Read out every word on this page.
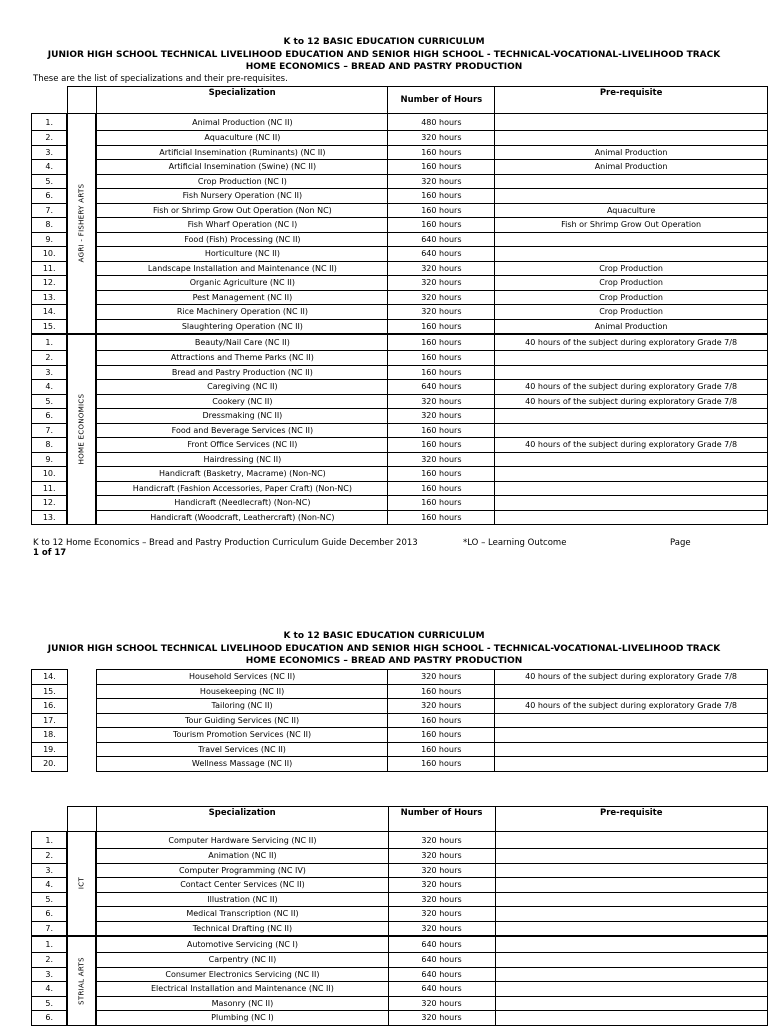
K to 12 BASIC EDUCATION CURRICULUM
JUNIOR HIGH SCHOOL TECHNICAL LIVELIHOOD EDUCATION AND SENIOR HIGH SCHOOL - TECHNICAL-VOCATIONAL-LIVELIHOOD TRACK
HOME ECONOMICS – BREAD AND PASTRY PRODUCTION
These are the list of specializations and their pre-requisites.
		Specialization	Number of Hours	Pre-requisite
1.	AGRI - FISHERY ARTS	Animal Production (NC II)	480 hours	
2.		Aquaculture (NC II)	320 hours	
3.		Artificial Insemination (Ruminants) (NC II)	160 hours	Animal Production
4.		Artificial Insemination (Swine) (NC II)	160 hours	Animal Production
5.		Crop Production (NC I)	320 hours	
6.		Fish Nursery Operation (NC II)	160 hours	
7.		Fish or Shrimp Grow Out Operation (Non NC)	160 hours	Aquaculture
8.		Fish Wharf Operation (NC I)	160 hours	Fish or Shrimp Grow Out Operation
9.		Food (Fish) Processing (NC II)	640 hours	
10.		Horticulture (NC II)	640 hours	
11.		Landscape Installation and Maintenance (NC II)	320 hours	Crop Production
12.		Organic Agriculture (NC II)	320 hours	Crop Production
13.		Pest Management (NC II)	320 hours	Crop Production
14.		Rice Machinery Operation (NC II)	320 hours	Crop Production
15.		Slaughtering Operation (NC II)	160 hours	Animal Production
1.	HOME ECONOMICS	Beauty/Nail Care (NC II)	160 hours	40 hours of the subject during exploratory Grade 7/8
2.		Attractions and Theme Parks (NC II)	160 hours	
3.		Bread and Pastry Production (NC II)	160 hours	
4.		Caregiving (NC II)	640 hours	40 hours of the subject during exploratory Grade 7/8
5.		Cookery (NC II)	320 hours	40 hours of the subject during exploratory Grade 7/8
6.		Dressmaking (NC II)	320 hours	
7.		Food and Beverage Services (NC II)	160 hours	
8.		Front Office Services (NC II)	160 hours	40 hours of the subject during exploratory Grade 7/8
9.		Hairdressing (NC II)	320 hours	
10.		Handicraft (Basketry, Macrame) (Non-NC)	160 hours	
11.		Handicraft (Fashion Accessories, Paper Craft) (Non-NC)	160 hours	
12.		Handicraft (Needlecraft) (Non-NC)	160 hours	
13.		Handicraft (Woodcraft, Leathercraft) (Non-NC)	160 hours	
K to 12 Home Economics – Bread and Pastry Production Curriculum Guide December 2013	*LO – Learning Outcome	Page
1 of 17
K to 12 BASIC EDUCATION CURRICULUM
JUNIOR HIGH SCHOOL TECHNICAL LIVELIHOOD EDUCATION AND SENIOR HIGH SCHOOL - TECHNICAL-VOCATIONAL-LIVELIHOOD TRACK
HOME ECONOMICS – BREAD AND PASTRY PRODUCTION
14.		Household Services (NC II)	320 hours	40 hours of the subject during exploratory Grade 7/8
15.		Housekeeping (NC II)	160 hours	
16.		Tailoring (NC II)	320 hours	40 hours of the subject during exploratory Grade 7/8
17.		Tour Guiding Services (NC II)	160 hours	
18.		Tourism Promotion Services (NC II)	160 hours	
19.		Travel Services (NC II)	160 hours	
20.		Wellness Massage (NC II)	160 hours	
		Specialization	Number of Hours	Pre-requisite
1.	ICT	Computer Hardware Servicing (NC II)	320 hours	
2.		Animation (NC II)	320 hours	
3.		Computer Programming (NC IV)	320 hours	
4.		Contact Center Services (NC II)	320 hours	
5.		Illustration (NC II)	320 hours	
6.		Medical Transcription (NC II)	320 hours	
7.		Technical Drafting (NC II)	320 hours	
1.	STRIAL ARTS	Automotive Servicing (NC I)	640 hours	
2.		Carpentry (NC II)	640 hours	
3.		Consumer Electronics Servicing (NC II)	640 hours	
4.		Electrical Installation and Maintenance (NC II)	640 hours	
5.		Masonry (NC II)	320 hours	
6.		Plumbing (NC I)	320 hours	
